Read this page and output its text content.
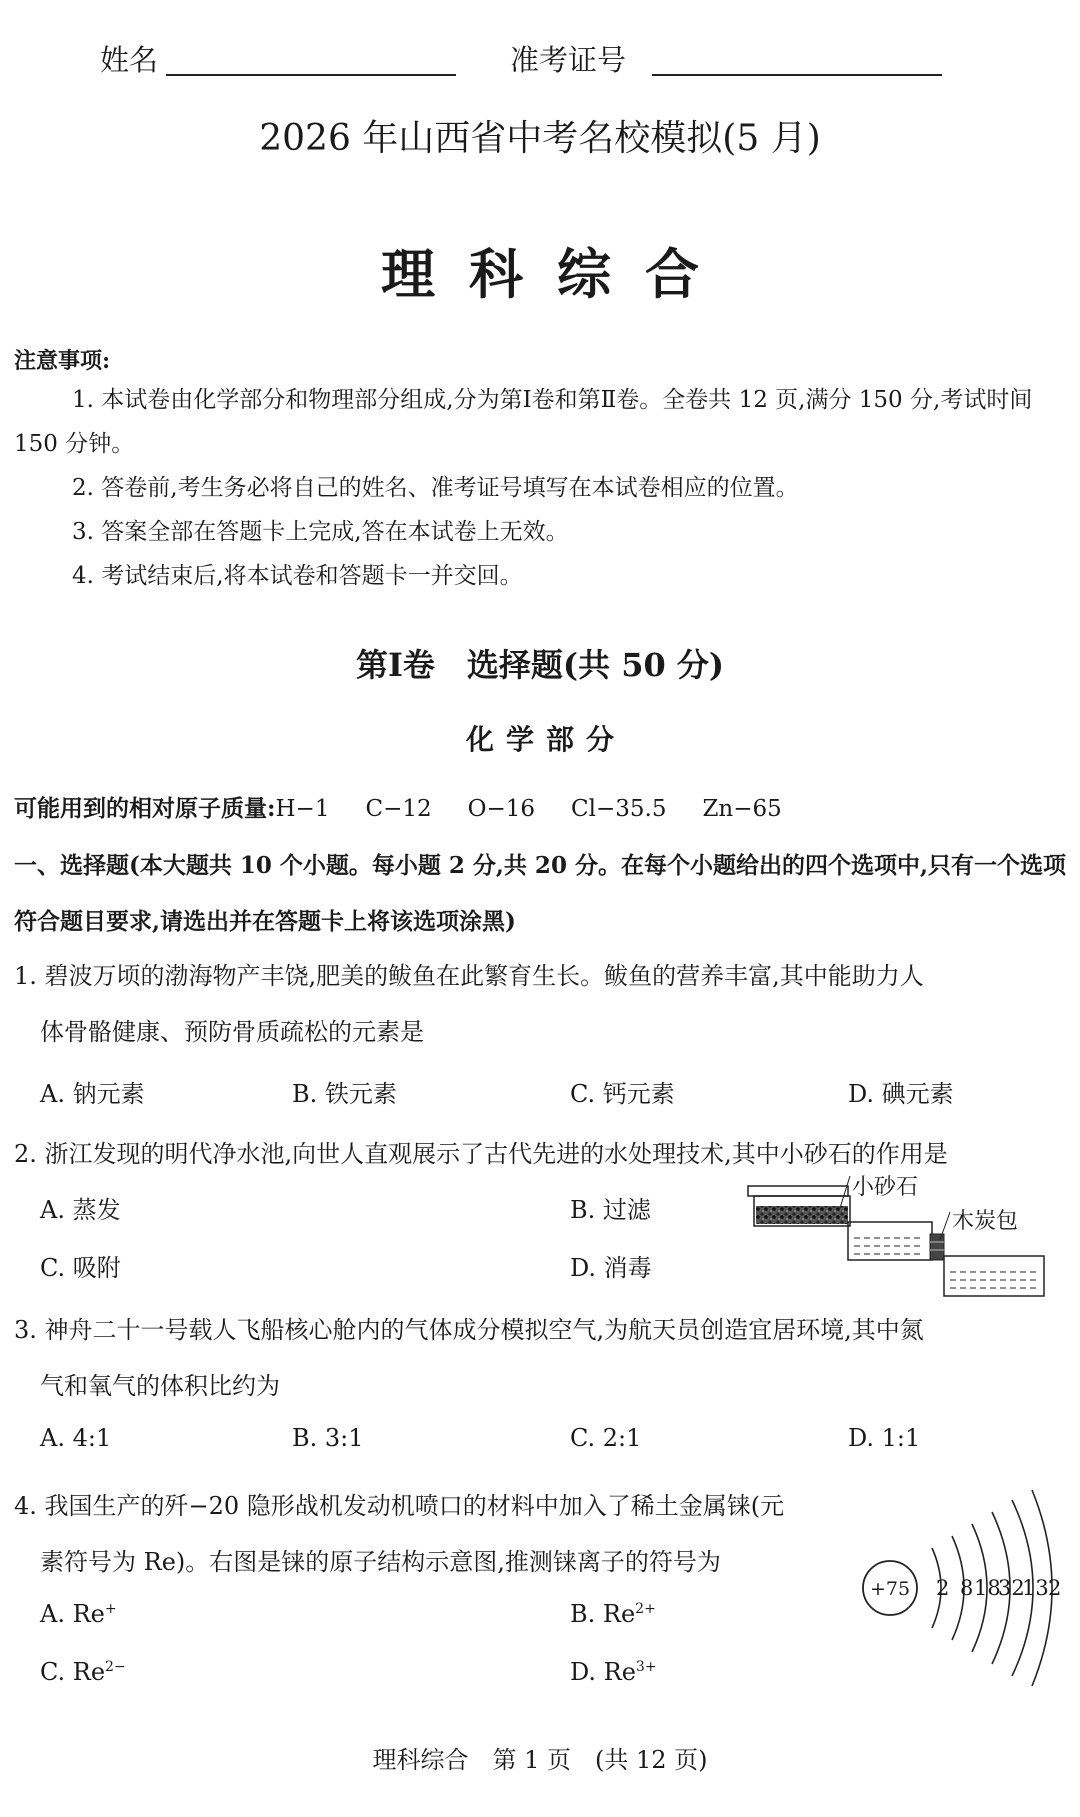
姓名	准考证号
2026 年山西省中考名校模拟(5 月)
理科综合
注意事项:
1. 本试卷由化学部分和物理部分组成,分为第Ⅰ卷和第Ⅱ卷。全卷共 12 页,满分 150 分,考试时间 150 分钟。
2. 答卷前,考生务必将自己的姓名、准考证号填写在本试卷相应的位置。
3. 答案全部在答题卡上完成,答在本试卷上无效。
4. 考试结束后,将本试卷和答题卡一并交回。
第Ⅰ卷　选择题(共 50 分)
化学部分
可能用到的相对原子质量:H−1 C−12 O−16 Cl−35.5 Zn−65
一、选择题(本大题共 10 个小题。每小题 2 分,共 20 分。在每个小题给出的四个选项中,只有一个选项符合题目要求,请选出并在答题卡上将该选项涂黑)
1. 碧波万顷的渤海物产丰饶,肥美的鲅鱼在此繁育生长。鲅鱼的营养丰富,其中能助力人
体骨骼健康、预防骨质疏松的元素是
A. 钠元素	B. 铁元素	C. 钙元素	D. 碘元素
2. 浙江发现的明代净水池,向世人直观展示了古代先进的水处理技术,其中小砂石的作用是
A. 蒸发	B. 过滤
C. 吸附	D. 消毒
小砂石
木炭包
3. 神舟二十一号载人飞船核心舱内的气体成分模拟空气,为航天员创造宜居环境,其中氮
气和氧气的体积比约为
A. 4:1	B. 3:1	C. 2:1	D. 1:1
4. 我国生产的歼−20 隐形战机发动机喷口的材料中加入了稀土金属铼(元
素符号为 Re)。右图是铼的原子结构示意图,推测铼离子的符号为
A. Re+	B. $Re^{2+}$
C. $Re^{2-}$	D. $Re^{3+}$
+75 2 8 18
32
13 2
理科综合　第 1 页　(共 12 页)
